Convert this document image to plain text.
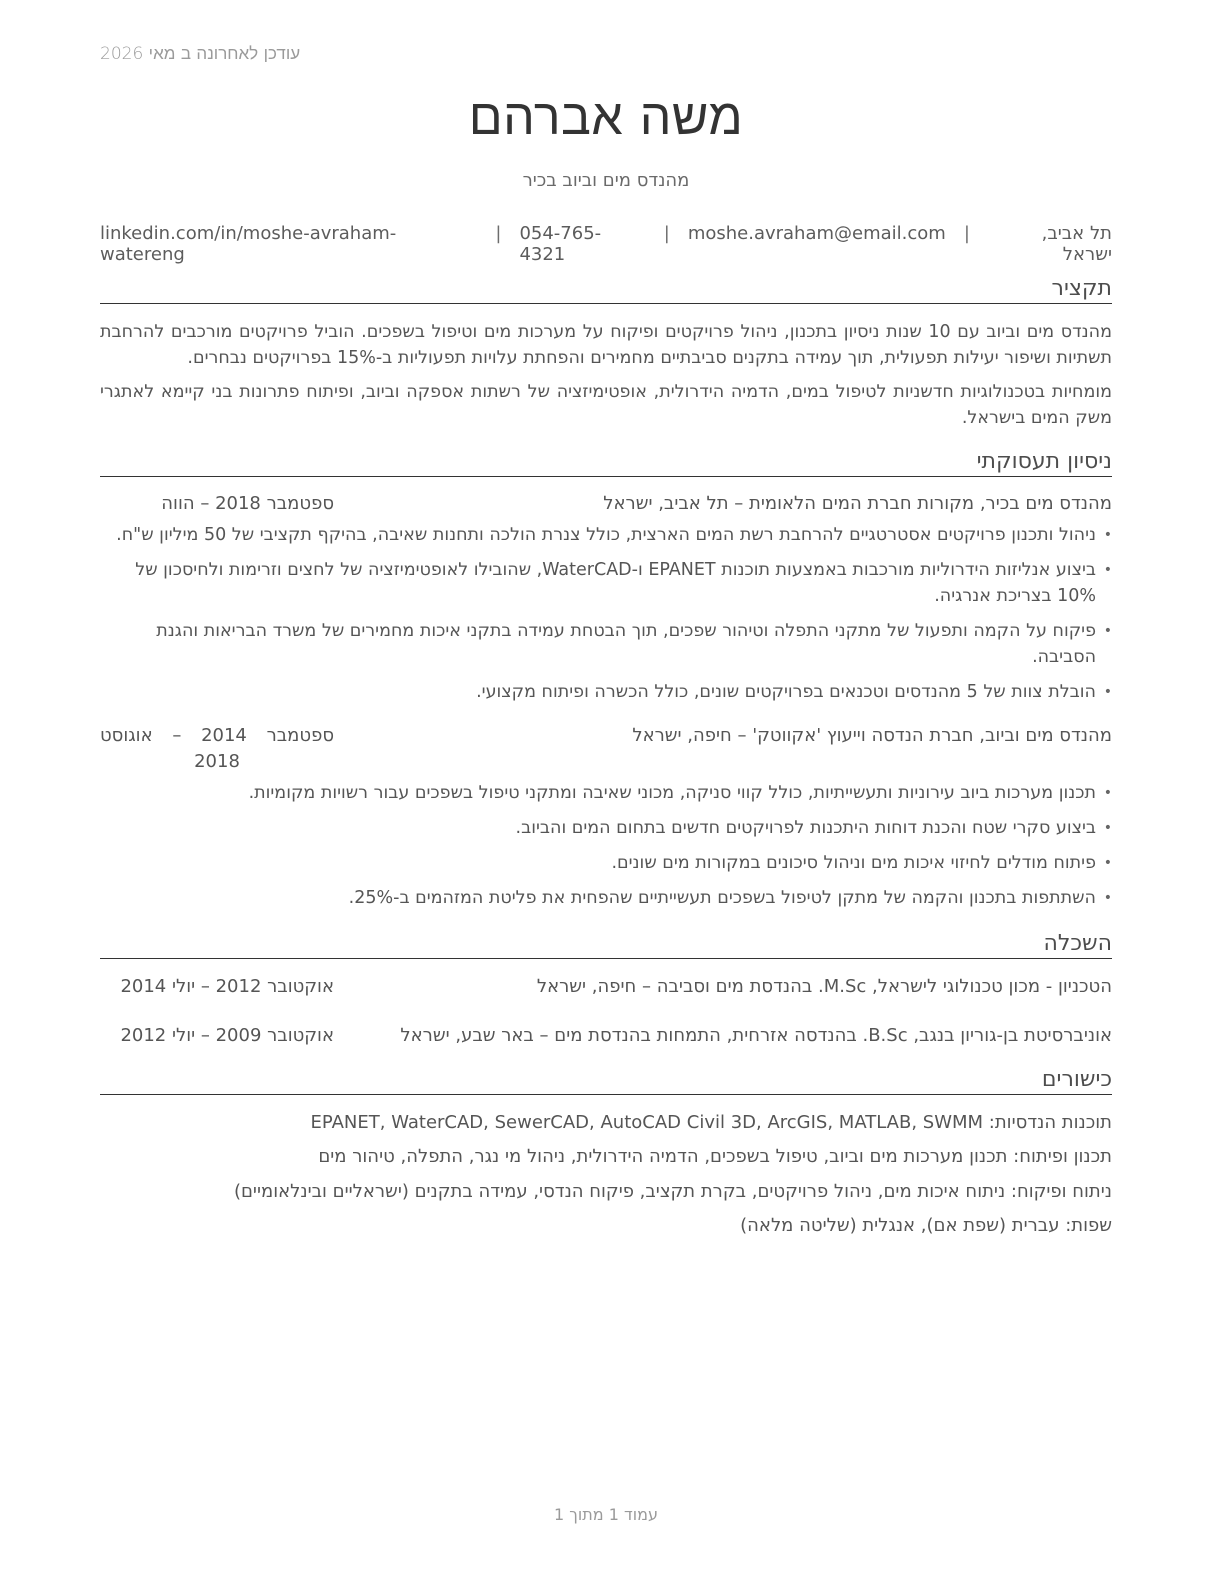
עודכן לאחרונה ב מאי 2026
משה אברהם
מהנדס מים וביוב בכיר
תל אביב, ישראל
|
moshe.avraham@email.com
|
054-765-4321
|
linkedin.com/in/moshe-avraham-watereng
תקציר
מהנדס מים וביוב עם 10 שנות ניסיון בתכנון, ניהול פרויקטים ופיקוח על מערכות מים וטיפול בשפכים. הוביל פרויקטים מורכבים להרחבת תשתיות ושיפור יעילות תפעולית, תוך עמידה בתקנים סביבתיים מחמירים והפחתת עלויות תפעוליות ב-15% בפרויקטים נבחרים.
מומחיות בטכנולוגיות חדשניות לטיפול במים, הדמיה הידרולית, אופטימיזציה של רשתות אספקה וביוב, ופיתוח פתרונות בני קיימא לאתגרי משק המים בישראל.
ניסיון תעסוקתי
מהנדס מים בכיר, מקורות חברת המים הלאומית – תל אביב, ישראל
ספטמבר 2018 – הווה
• ניהול ותכנון פרויקטים אסטרטגיים להרחבת רשת המים הארצית, כולל צנרת הולכה ותחנות שאיבה, בהיקף תקציבי של 50 מיליון ש"ח.
• ביצוע אנליזות הידרוליות מורכבות באמצעות תוכנות EPANET ו-WaterCAD, שהובילו לאופטימיזציה של לחצים וזרימות ולחיסכון של 10% בצריכת אנרגיה.
• פיקוח על הקמה ותפעול של מתקני התפלה וטיהור שפכים, תוך הבטחת עמידה בתקני איכות מחמירים של משרד הבריאות והגנת הסביבה.
• הובלת צוות של 5 מהנדסים וטכנאים בפרויקטים שונים, כולל הכשרה ופיתוח מקצועי.
מהנדס מים וביוב, חברת הנדסה וייעוץ 'אקווטק' – חיפה, ישראל
ספטמבר 2014 – אוגוסט 2018
• תכנון מערכות ביוב עירוניות ותעשייתיות, כולל קווי סניקה, מכוני שאיבה ומתקני טיפול בשפכים עבור רשויות מקומיות.
• ביצוע סקרי שטח והכנת דוחות היתכנות לפרויקטים חדשים בתחום המים והביוב.
• פיתוח מודלים לחיזוי איכות מים וניהול סיכונים במקורות מים שונים.
• השתתפות בתכנון והקמה של מתקן לטיפול בשפכים תעשייתיים שהפחית את פליטת המזהמים ב-25%.
השכלה
הטכניון - מכון טכנולוגי לישראל, M.Sc. בהנדסת מים וסביבה – חיפה, ישראל
אוקטובר 2012 – יולי 2014
אוניברסיטת בן-גוריון בנגב, B.Sc. בהנדסה אזרחית, התמחות בהנדסת מים – באר שבע, ישראל
אוקטובר 2009 – יולי 2012
כישורים
תוכנות הנדסיות: EPANET, WaterCAD, SewerCAD, AutoCAD Civil 3D, ArcGIS, MATLAB, SWMM
תכנון ופיתוח: תכנון מערכות מים וביוב, טיפול בשפכים, הדמיה הידרולית, ניהול מי נגר, התפלה, טיהור מים
ניתוח ופיקוח: ניתוח איכות מים, ניהול פרויקטים, בקרת תקציב, פיקוח הנדסי, עמידה בתקנים (ישראליים ובינלאומיים)
שפות: עברית (שפת אם), אנגלית (שליטה מלאה)
עמוד 1 מתוך 1
